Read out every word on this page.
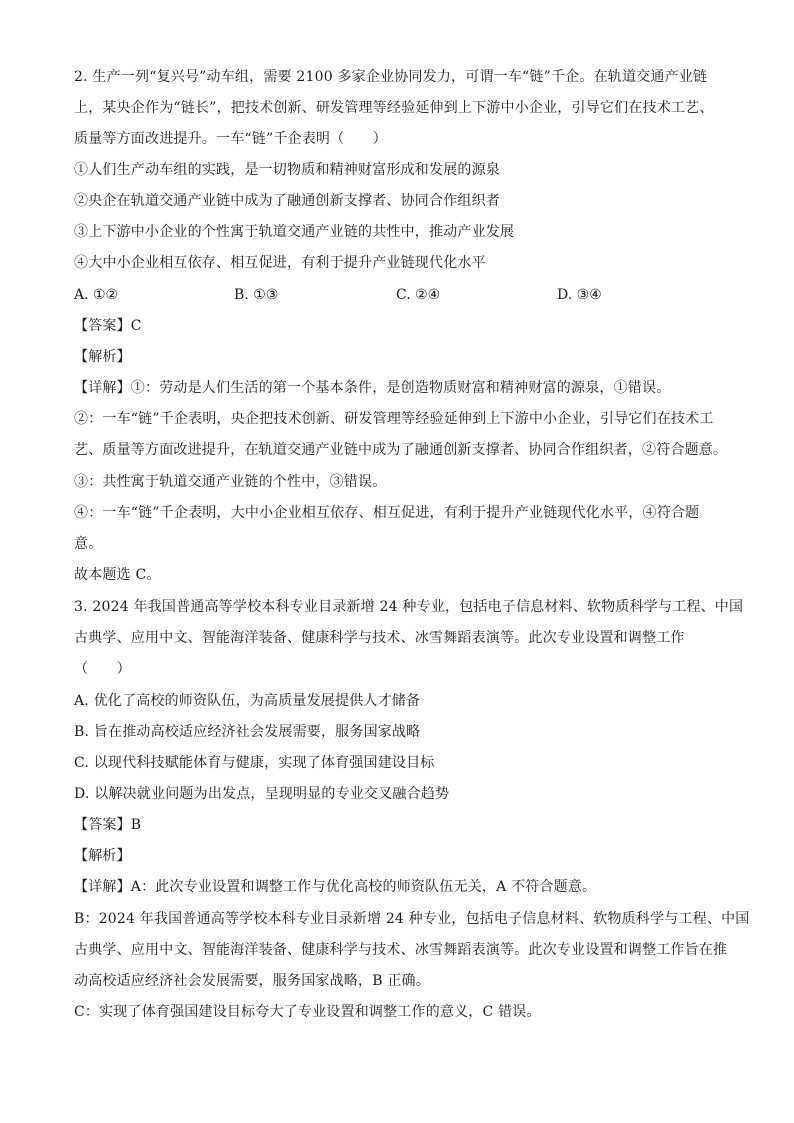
2. 生产一列“复兴号”动车组，需要 2100 多家企业协同发力，可谓一车“链”千企。在轨道交通产业链
上，某央企作为“链长”，把技术创新、研发管理等经验延伸到上下游中小企业，引导它们在技术工艺、
质量等方面改进提升。一车“链”千企表明（　　）
①人们生产动车组的实践，是一切物质和精神财富形成和发展的源泉
②央企在轨道交通产业链中成为了融通创新支撑者、协同合作组织者
③上下游中小企业的个性寓于轨道交通产业链的共性中，推动产业发展
④大中小企业相互依存、相互促进，有利于提升产业链现代化水平
A. ①②	B. ①③	C. ②④	D. ③④
【答案】C
【解析】
【详解】①：劳动是人们生活的第一个基本条件，是创造物质财富和精神财富的源泉，①错误。
②：一车“链”千企表明，央企把技术创新、研发管理等经验延伸到上下游中小企业，引导它们在技术工
艺、质量等方面改进提升，在轨道交通产业链中成为了融通创新支撑者、协同合作组织者，②符合题意。
③：共性寓于轨道交通产业链的个性中，③错误。
④：一车“链”千企表明，大中小企业相互依存、相互促进，有利于提升产业链现代化水平，④符合题
意。
故本题选 C。
3. 2024 年我国普通高等学校本科专业目录新增 24 种专业，包括电子信息材料、软物质科学与工程、中国
古典学、应用中文、智能海洋装备、健康科学与技术、冰雪舞蹈表演等。此次专业设置和调整工作
（　　）
A. 优化了高校的师资队伍，为高质量发展提供人才储备
B. 旨在推动高校适应经济社会发展需要，服务国家战略
C. 以现代科技赋能体育与健康，实现了体育强国建设目标
D. 以解决就业问题为出发点，呈现明显的专业交叉融合趋势
【答案】B
【解析】
【详解】A：此次专业设置和调整工作与优化高校的师资队伍无关，A 不符合题意。
B：2024 年我国普通高等学校本科专业目录新增 24 种专业，包括电子信息材料、软物质科学与工程、中国
古典学、应用中文、智能海洋装备、健康科学与技术、冰雪舞蹈表演等。此次专业设置和调整工作旨在推
动高校适应经济社会发展需要，服务国家战略，B 正确。
C：实现了体育强国建设目标夸大了专业设置和调整工作的意义，C 错误。
